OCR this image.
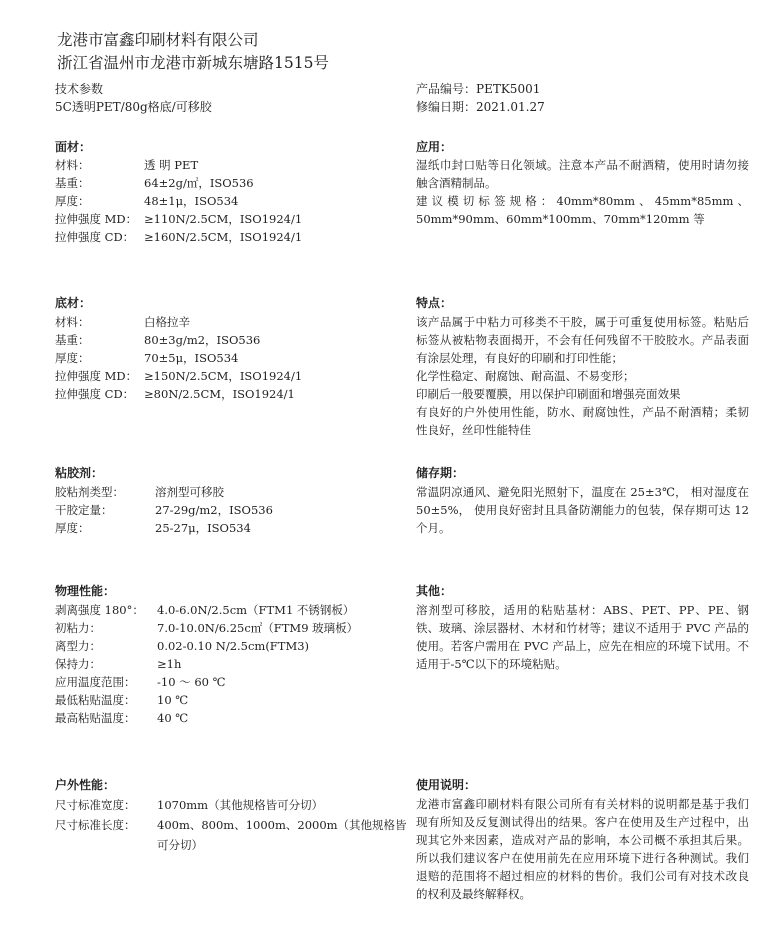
龙港市富鑫印刷材料有限公司
浙江省温州市龙港市新城东塘路1515号
技术参数
5C透明PET/80g格底/可移胶
产品编号：PETK5001
修编日期：2021.01.27
面材：
材料：	透 明 PET
基重：	64±2g/㎡，ISO536
厚度：	48±1μ，ISO534
拉伸强度 MD： ≥110N/2.5CM，ISO1924/1
拉伸强度 CD： ≥160N/2.5CM，ISO1924/1
底材：
材料：	白格拉辛
基重：	80±3g/m2，ISO536
厚度：	70±5μ，ISO534
拉伸强度 MD： ≥150N/2.5CM，ISO1924/1
拉伸强度 CD： ≥80N/2.5CM，ISO1924/1
粘胶剂：
胶粘剂类型：	溶剂型可移胶
干胶定量：	27-29g/m2，ISO536
厚度：	25-27μ，ISO534
物理性能：
剥离强度 180°：	4.0-6.0N/2.5cm（FTM1 不锈钢板）
初粘力：	7.0-10.0N/6.25c㎡（FTM9 玻璃板）
离型力：	0.02-0.10 N/2.5cm(FTM3)
保持力：	≥1h
应用温度范围：	-10 ～ 60 ℃
最低粘贴温度：	10 ℃
最高粘贴温度：	40 ℃
户外性能：
尺寸标准宽度：	1070mm（其他规格皆可分切）
尺寸标准长度：	400m、800m、1000m、2000m（其他规格皆
可分切）
应用：

湿纸巾封口贴等日化领域。注意本产品不耐酒精，使用时请勿接触含酒精制品。

建议模切标签规格：40mm*80mm、45mm*85mm、50mm*90mm、60mm*100mm、70mm*120mm 等

特点：

该产品属于中粘力可移类不干胶，属于可重复使用标签。粘贴后标签从被粘物表面揭开，不会有任何残留不干胶胶水。产品表面有涂层处理，有良好的印刷和打印性能；

化学性稳定、耐腐蚀、耐高温、不易变形；

印刷后一般要覆膜，用以保护印刷面和增强亮面效果

有良好的户外使用性能，防水、耐腐蚀性，产品不耐酒精；柔韧性良好，丝印性能特佳

储存期：

常温阴凉通风、避免阳光照射下，温度在 25±3℃， 相对湿度在 50±5%， 使用良好密封且具备防潮能力的包装，保存期可达 12 个月。

其他：

溶剂型可移胶，适用的粘贴基材：ABS、PET、PP、PE、钢铁、玻璃、涂层器材、木材和竹材等；建议不适用于 PVC 产品的使用。若客户需用在 PVC 产品上，应先在相应的环境下试用。不适用于-5℃以下的环境粘贴。

使用说明：

龙港市富鑫印刷材料有限公司所有有关材料的说明都是基于我们现有所知及反复测试得出的结果。客户在使用及生产过程中，出现其它外来因素，造成对产品的影响，本公司概不承担其后果。所以我们建议客户在使用前先在应用环境下进行各种测试。我们退赔的范围将不超过相应的材料的售价。我们公司有对技术改良的权利及最终解释权。
